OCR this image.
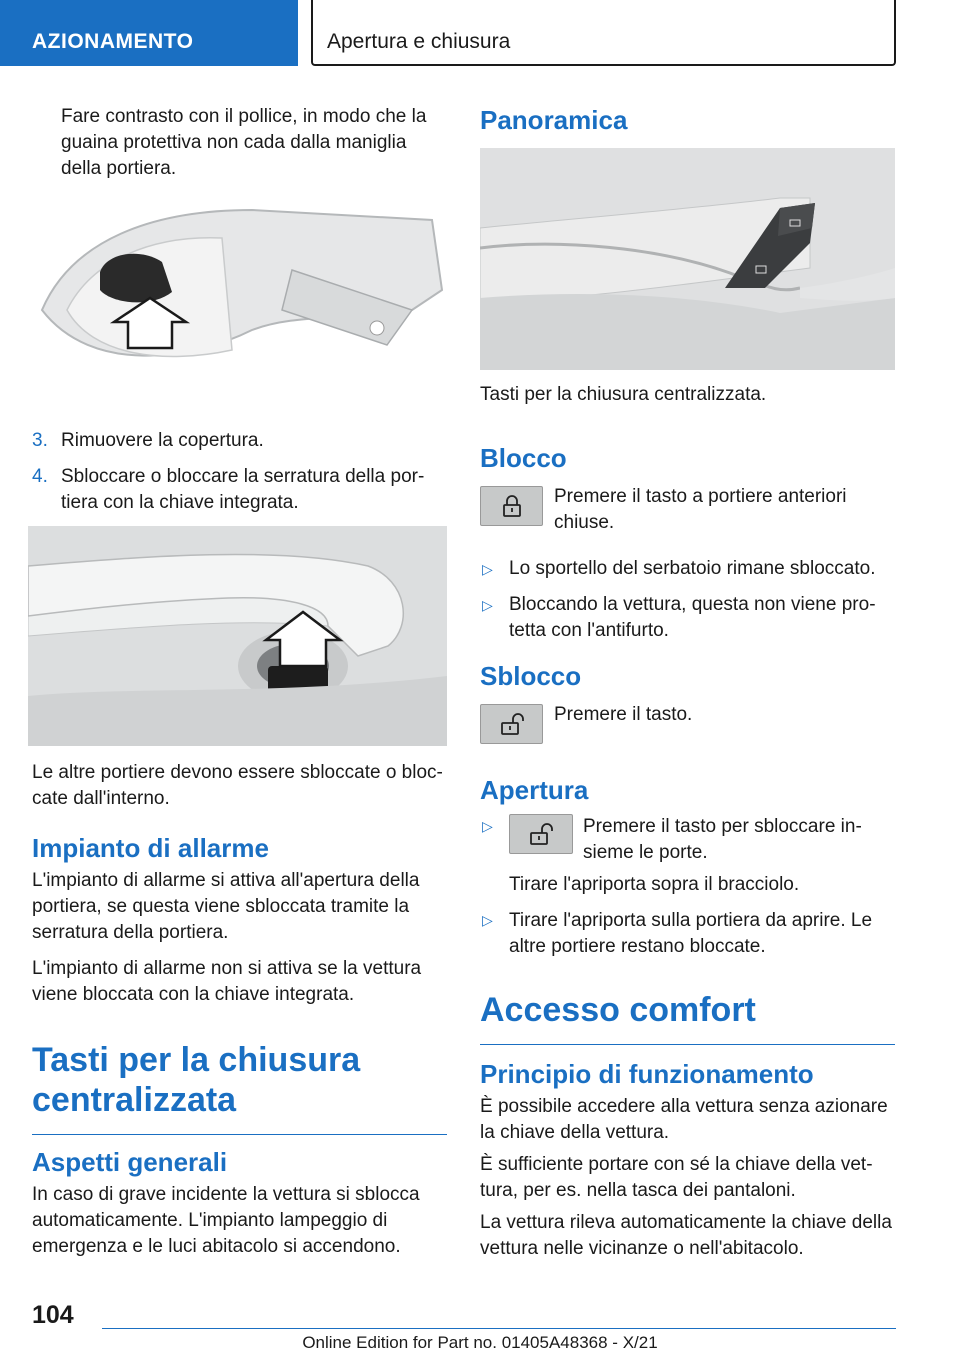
AZIONAMENTO	Apertura e chiusura

Fare contrasto con il pollice, in modo che la guaina protettiva non cada dalla maniglia della portiera.

3. Rimuovere la copertura.
4. Sbloccare o bloccare la serratura della portiera con la chiave integrata.

Le altre portiere devono essere sbloccate o bloccate dall'interno.

Impianto di allarme

L'impianto di allarme si attiva all'apertura della portiera, se questa viene sbloccata tramite la serratura della portiera.

L'impianto di allarme non si attiva se la vettura viene bloccata con la chiave integrata.

Tasti per la chiusura centralizzata
Aspetti generali

In caso di grave incidente la vettura si sblocca automaticamente. L'impianto lampeggio di emergenza e le luci abitacolo si accendono.

Panoramica

Tasti per la chiusura centralizzata.

Blocco

Premere il tasto a portiere anteriori chiuse.

▷ Lo sportello del serbatoio rimane sbloccato.
▷ Bloccando la vettura, questa non viene protetta con l'antifurto.
Sblocco

Premere il tasto.

Apertura
▷	Premere il tasto per sbloccare insieme le porte.

Tirare l'apriporta sopra il bracciolo.

▷ Tirare l'apriporta sulla portiera da aprire. Le altre portiere restano bloccate.

Accesso comfort
Principio di funzionamento

È possibile accedere alla vettura senza azionare la chiave della vettura.

È sufficiente portare con sé la chiave della vettura, per es. nella tasca dei pantaloni.

La vettura rileva automaticamente la chiave della vettura nelle vicinanze o nell'abitacolo.

104
Online Edition for Part no. 01405A48368 - X/21
